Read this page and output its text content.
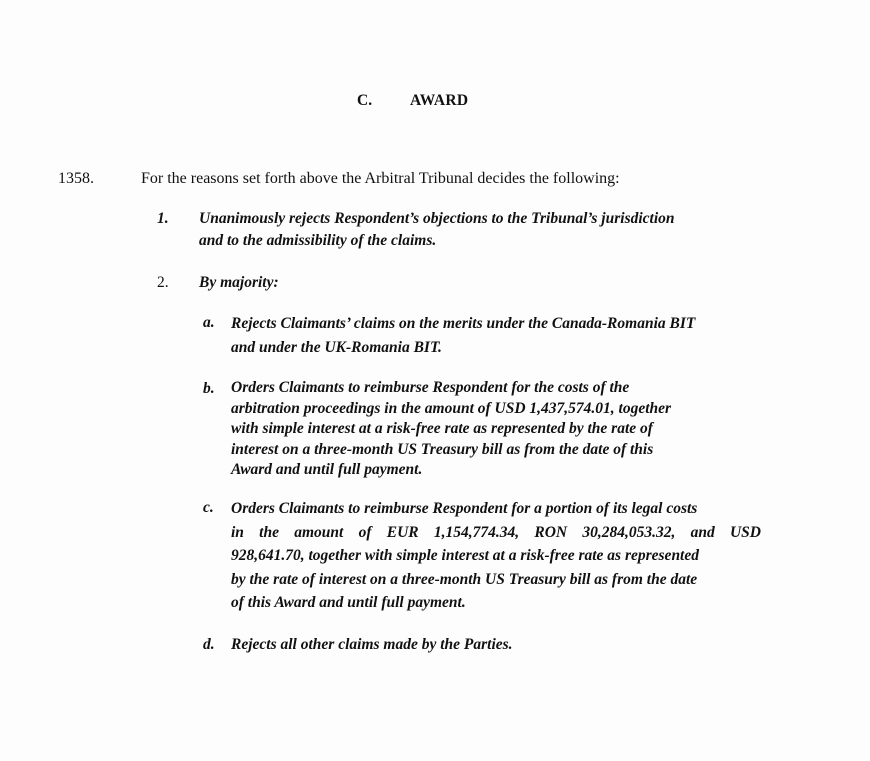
C. AWARD
1358.	For the reasons set forth above the Arbitral Tribunal decides the following:
1. Unanimously rejects Respondent’s objections to the Tribunal’s jurisdiction
and to the admissibility of the claims.
2. By majority:
a. Rejects Claimants’ claims on the merits under the Canada-Romania BIT
and under the UK-Romania BIT.
b. Orders Claimants to reimburse Respondent for the costs of the
arbitration proceedings in the amount of USD 1,437,574.01, together
with simple interest at a risk-free rate as represented by the rate of
interest on a three-month US Treasury bill as from the date of this
Award and until full payment.
c. Orders Claimants to reimburse Respondent for a portion of its legal costs
in the amount of EUR 1,154,774.34, RON 30,284,053.32, and USD
928,641.70, together with simple interest at a risk-free rate as represented
by the rate of interest on a three-month US Treasury bill as from the date
of this Award and until full payment.
d. Rejects all other claims made by the Parties.
